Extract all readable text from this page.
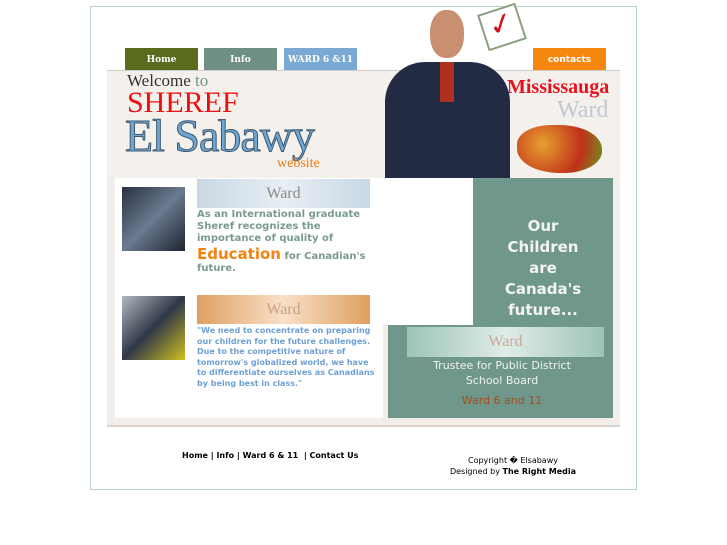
Home	Info	WARD 6 &11	contacts
Welcome to
SHEREF
El Sabawy
website
Mississauga
Ward
✓
Ward
As an International graduate Sheref recognizes the importance of quality of Education for Canadian's future.
Ward
"We need to concentrate on preparing our children for the future challenges. Due to the competitive nature of tomorrow's globalized world, we have to differentiate ourselves as Canadians by being best in class."
Our
Children
are
Canada's
future...
Ward
Trustee for Public District School Board
Ward 6 and 11
Home | Info | Ward 6 & 11  | Contact Us
Copyright � Elsabawy
Designed by The Right Media
